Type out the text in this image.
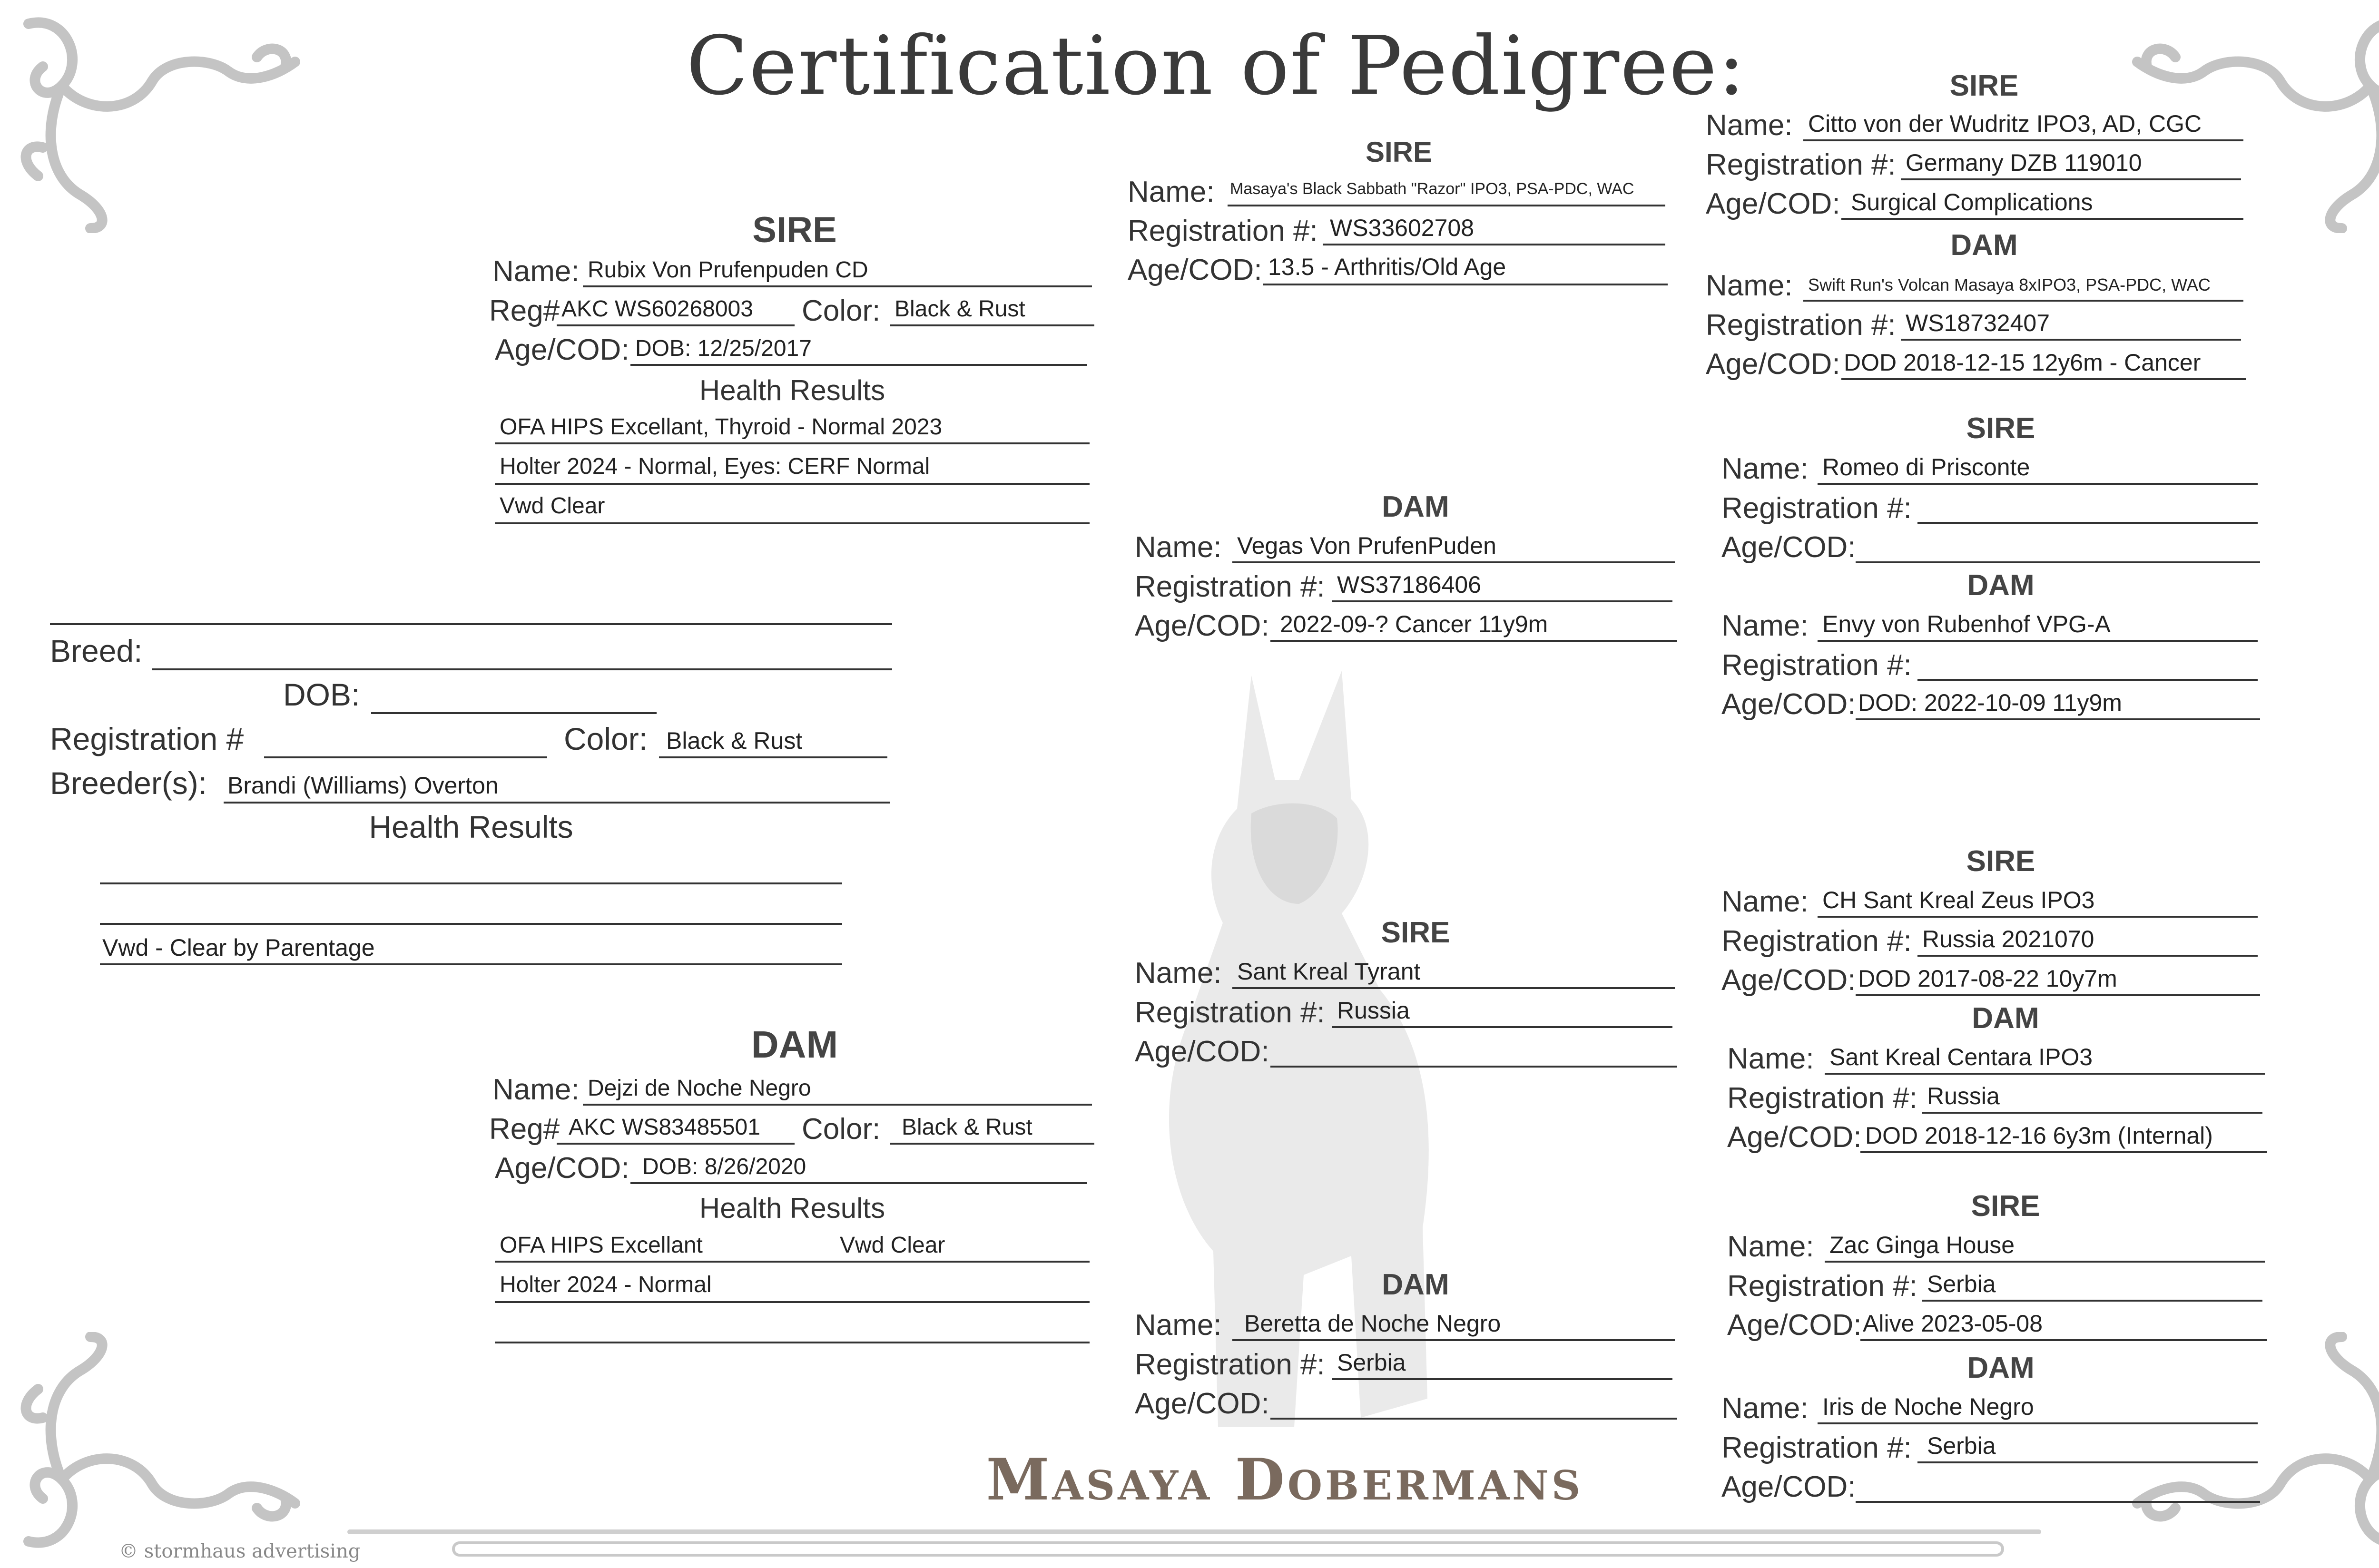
Certification of Pedigree:
SIRE
Name: Rubix Von Prufenpuden CD
Reg# AKC WS60268003 Color: Black & Rust
Age/COD: DOB: 12/25/2017
Health Results
OFA HIPS Excellant, Thyroid - Normal 2023
Holter 2024 - Normal, Eyes: CERF Normal
Vwd Clear
Breed:
DOB:
Registration #	Color: Black & Rust
Breeder(s): Brandi (Williams) Overton
Health Results
Vwd - Clear by Parentage
DAM
Name: Dejzi de Noche Negro
Reg# AKC WS83485501 Color: Black & Rust
Age/COD: DOB: 8/26/2020
Health Results
OFA HIPS Excellant	Vwd Clear
Holter 2024 - Normal
SIRE
Name: Masaya's Black Sabbath "Razor" IPO3, PSA-PDC, WAC
Registration #: WS33602708
Age/COD: 13.5 - Arthritis/Old Age
DAM
Name: Vegas Von PrufenPuden
Registration #: WS37186406
Age/COD: 2022-09-? Cancer 11y9m
SIRE
Name: Sant Kreal Tyrant
Registration #: Russia
Age/COD:
DAM
Name: Beretta de Noche Negro
Registration #: Serbia
Age/COD:
SIRE
Name: Citto von der Wudritz IPO3, AD, CGC
Registration #: Germany DZB 119010
Age/COD: Surgical Complications
DAM
Name: Swift Run's Volcan Masaya 8xIPO3, PSA-PDC, WAC
Registration #: WS18732407
Age/COD: DOD 2018-12-15 12y6m - Cancer
SIRE
Name: Romeo di Prisconte
Registration #:
Age/COD:
DAM
Name: Envy von Rubenhof VPG-A
Registration #:
Age/COD: DOD: 2022-10-09 11y9m
SIRE
Name: CH Sant Kreal Zeus IPO3
Registration #: Russia 2021070
Age/COD: DOD 2017-08-22 10y7m
DAM
Name: Sant Kreal Centara IPO3
Registration #: Russia
Age/COD: DOD 2018-12-16 6y3m (Internal)
SIRE
Name: Zac Ginga House
Registration #: Serbia
Age/COD: Alive 2023-05-08
DAM
Name: Iris de Noche Negro
Registration #: Serbia
Age/COD:
Masaya Dobermans
© stormhaus advertising
